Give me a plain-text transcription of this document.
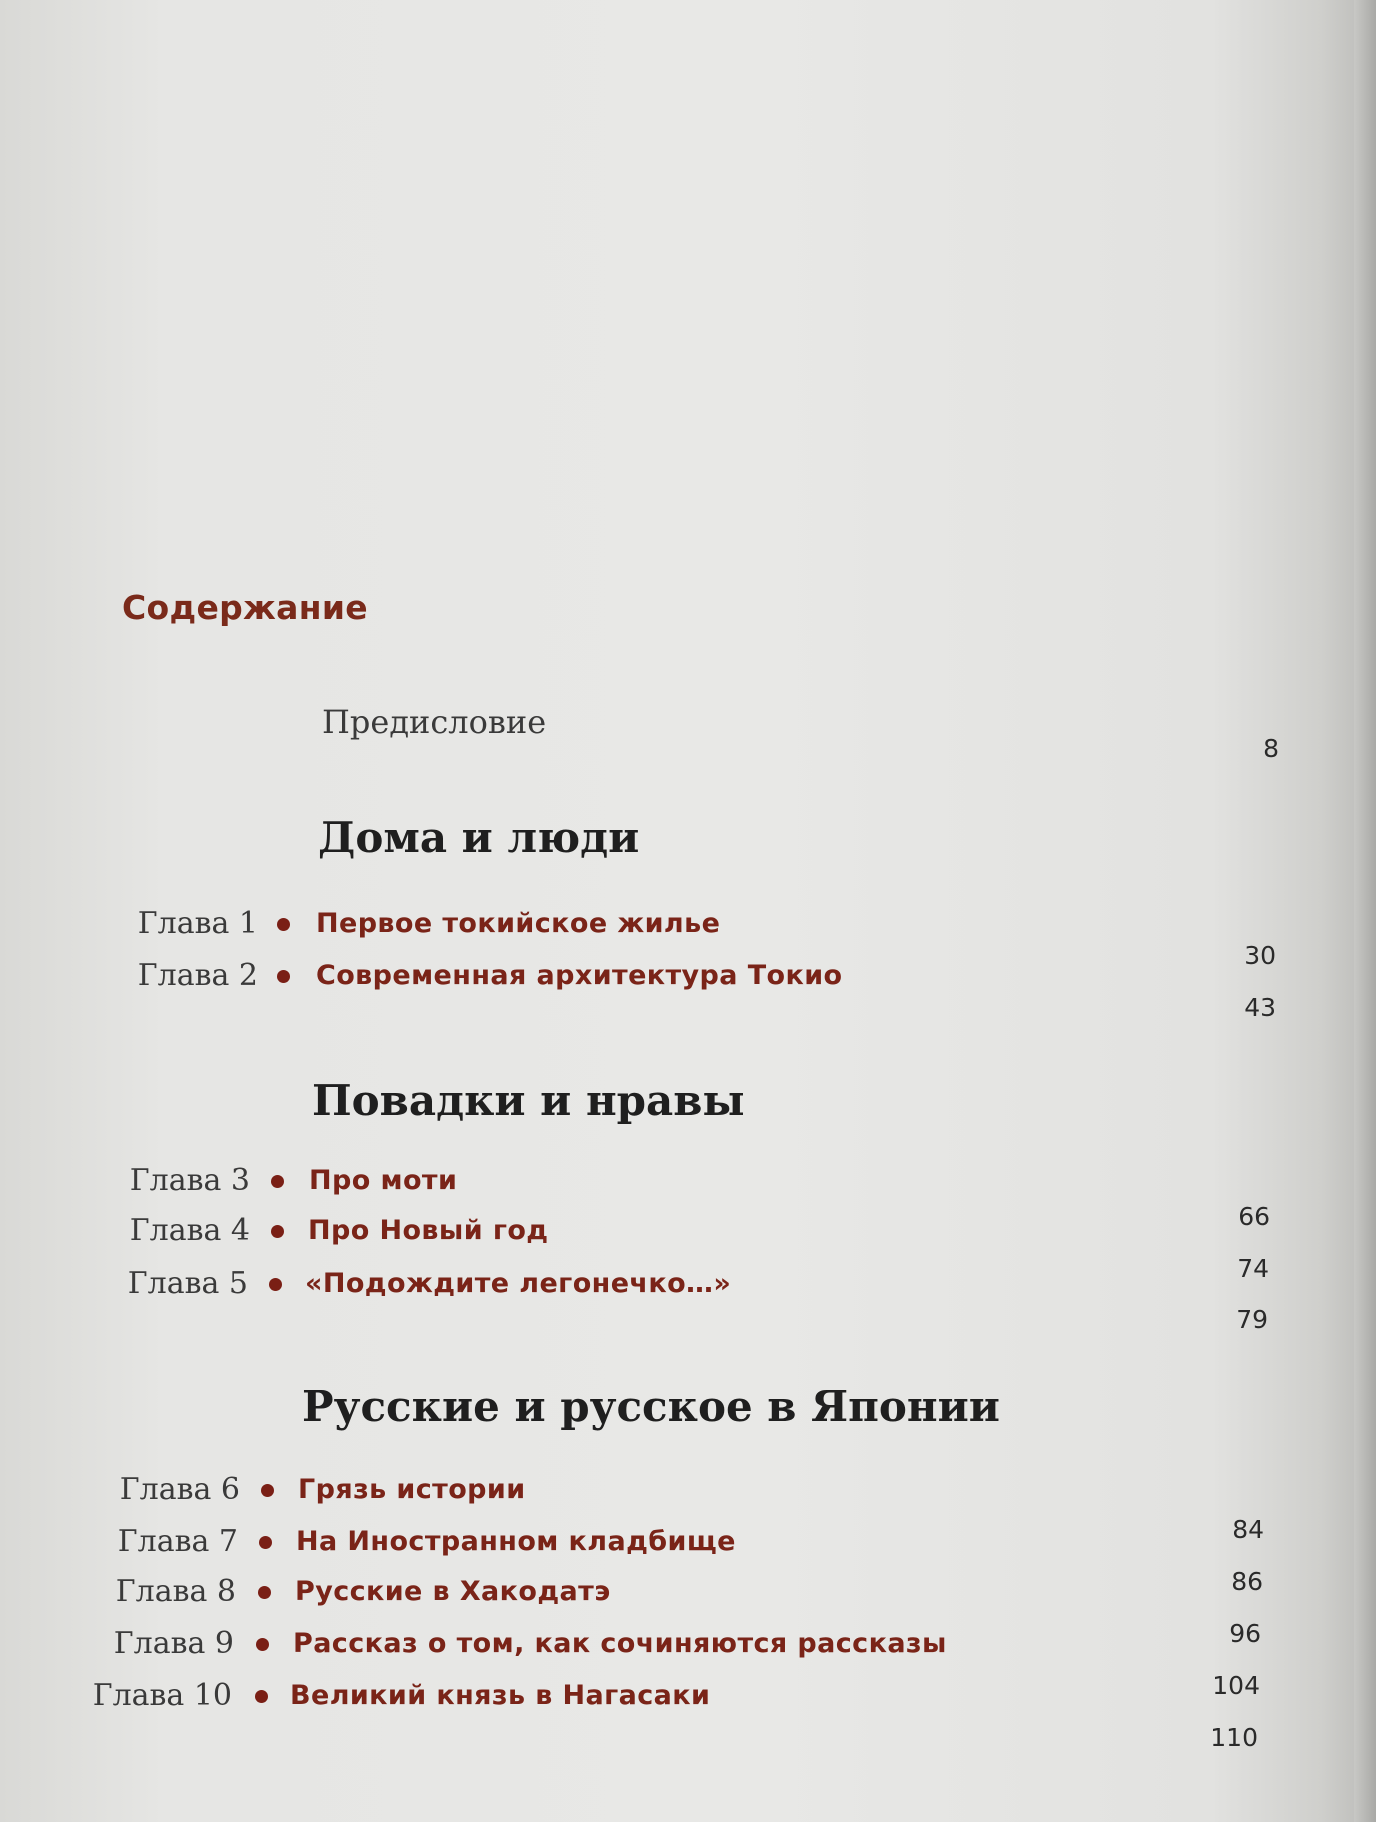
Содержание
Предисловие
8
Дома и люди
Глава 1 Первое токийское жилье
30
Глава 2 Современная архитектура Токио
43
Повадки и нравы
Глава 3 Про моти
66
Глава 4 Про Новый год
74
Глава 5 «Подождите легонечко…»
79
Русские и русское в Японии
Глава 6 Грязь истории
84
Глава 7 На Иностранном кладбище
86
Глава 8 Русские в Хакодатэ
96
Глава 9 Рассказ о том, как сочиняются рассказы
104
Глава 10 Великий князь в Нагасаки
110
